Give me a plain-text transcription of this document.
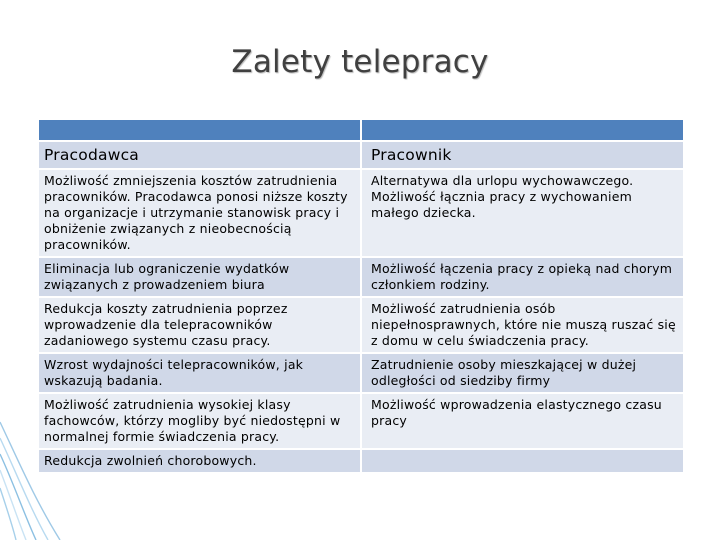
Zalety telepracy

Pracodawca	Pracownik
Możliwość zmniejszenia kosztów zatrudnienia pracowników. Pracodawca ponosi niższe koszty na organizacje i utrzymanie stanowisk pracy i obniżenie związanych z nieobecnością pracowników.	Alternatywa dla urlopu wychowawczego. Możliwość łącznia pracy z wychowaniem małego dziecka.
Eliminacja lub ograniczenie wydatków związanych z prowadzeniem biura	Możliwość łączenia pracy z opieką nad chorym członkiem rodziny.
Redukcja koszty zatrudnienia poprzez wprowadzenie dla telepracowników zadaniowego systemu czasu pracy.	Możliwość zatrudnienia osób niepełnosprawnych, które nie muszą ruszać się z domu w celu świadczenia pracy.
Wzrost wydajności telepracowników, jak wskazują badania.	Zatrudnienie osoby mieszkającej w dużej odległości od siedziby firmy
Możliwość zatrudnienia wysokiej klasy fachowców, którzy mogliby być niedostępni w normalnej formie świadczenia pracy.	Możliwość wprowadzenia elastycznego czasu pracy
Redukcja zwolnień chorobowych.	
